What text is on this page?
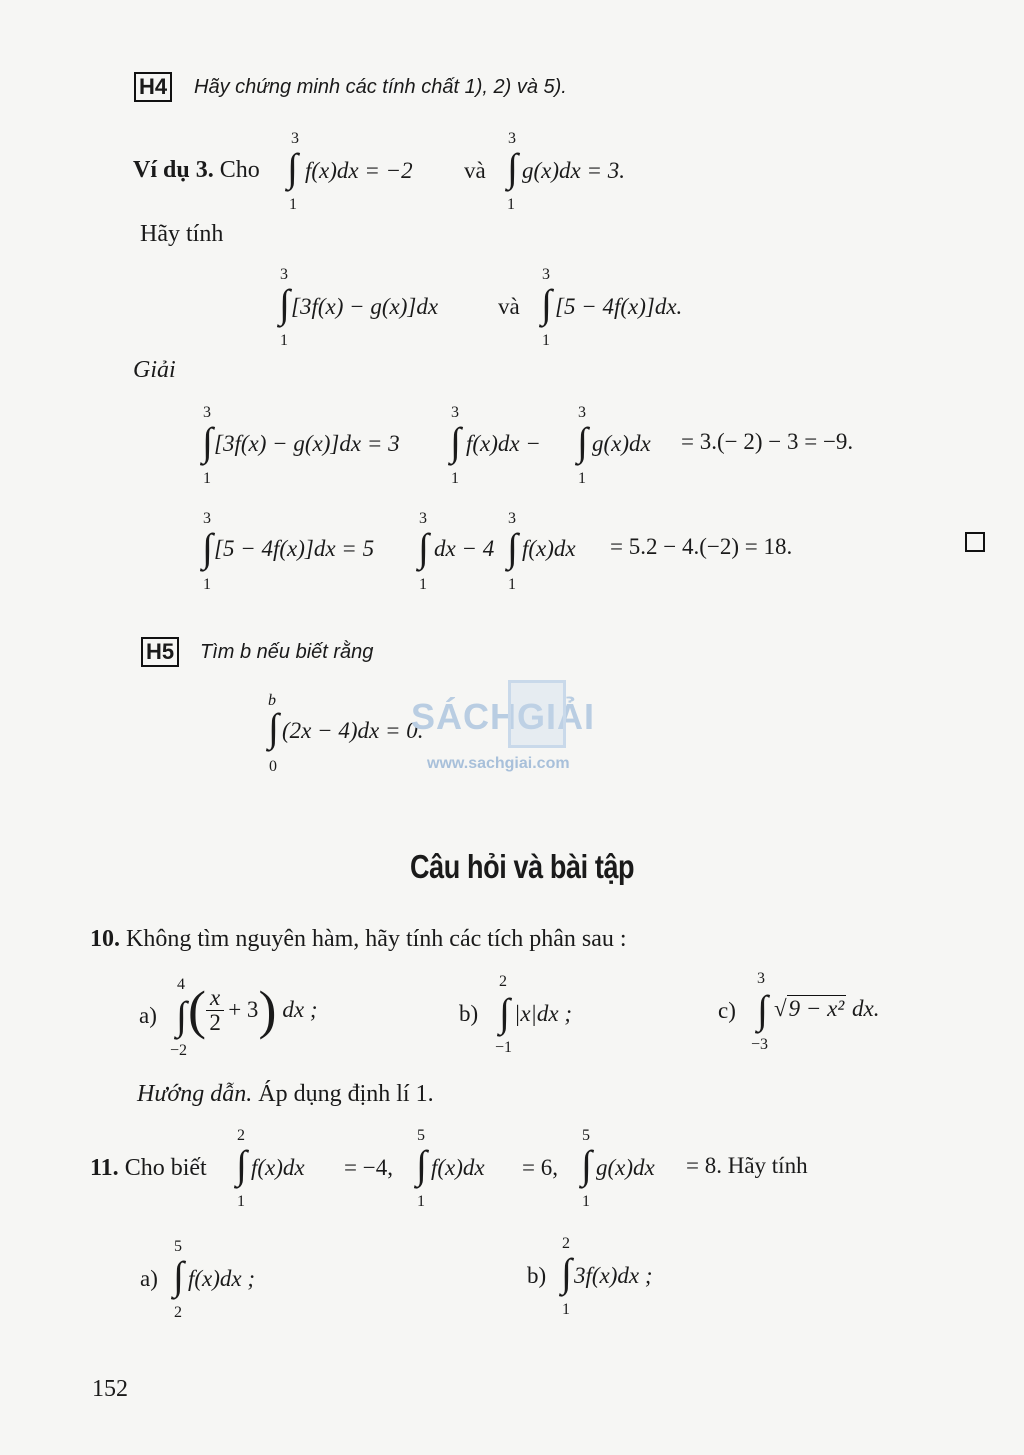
H4 Hãy chứng minh các tính chất 1), 2) và 5).
Ví dụ 3. Cho
3
∫
1
f(x)dx = −2 và
3
∫
1
g(x)dx = 3.
Hãy tính
3
∫
1
[3f(x) − g(x)]dx	và
3
∫
1
[5 − 4f(x)]dx.
Giải
3
∫
1
[3f(x) − g(x)]dx = 3
3
∫
1
f(x)dx −
3
∫
1
g(x)dx = 3.(− 2) − 3 = −9.
3
∫
1
[5 − 4f(x)]dx = 5
3
∫
1
dx − 4
3
∫
1
f(x)dx = 5.2 − 4.(−2) = 18.
H5 Tìm b nếu biết rằng
b
∫
0
(2x − 4)dx = 0.
SÁCHGIẢI
www.sachgiai.com
Câu hỏi và bài tập
10. Không tìm nguyên hàm, hãy tính các tích phân sau :
a)
4
∫
−2
( $\frac{x}{2} + 3$ ) dx ;	b)
2
∫
−1
|x|dx ;	c)
3
∫
−3
√9 − x² dx.
Hướng dẫn. Áp dụng định lí 1.
11. Cho biết
2
∫
1
f(x)dx = −4,
5
∫
1
f(x)dx = 6,
5
∫
1
g(x)dx = 8. Hãy tính
a)
5
∫
2
f(x)dx ;	b)
2
∫
1
3f(x)dx ;
152
